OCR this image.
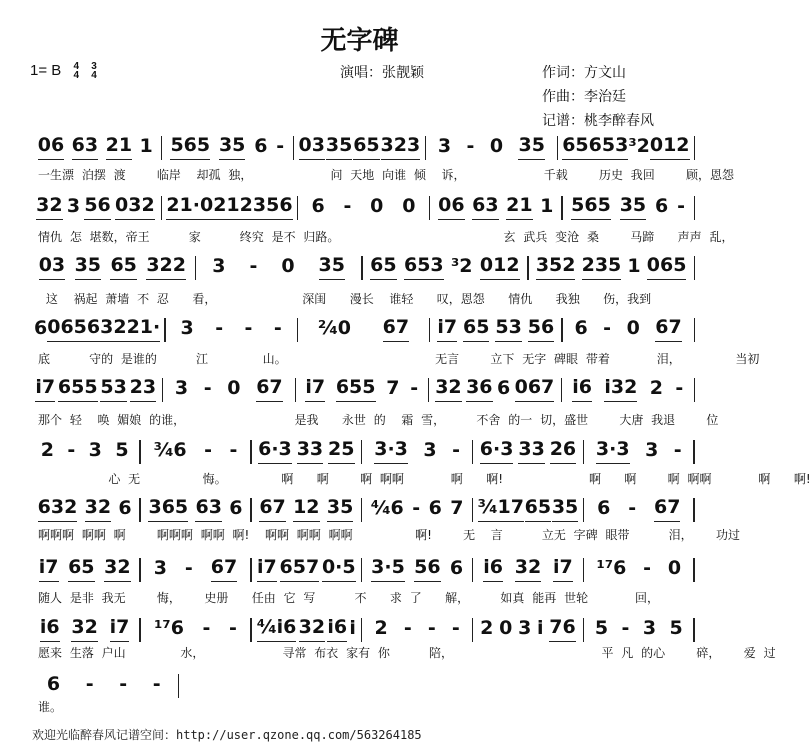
无字碑
1= B 4
4

3
4	演唱：张靓颖	作词：方文山
作曲：李治廷
记谱：桃李醉春风
欢迎光临醉春风记谱空间：http://user.qzone.qq.com/563264185
06 63 21 1 565 35 6 - 03 35 65 323 3 - 0 35 65 653 ³2 012
一生漂 泊摆 渡    临岸  却孤 独，          问 天地 向谁 倾  诉，          千载    历史 我回    顾，恩怨
32 3 56 032 21· 021 23 56 6 - 0 0 06 63 21 1 565 35 6 -
情仇 怎 堪数，帝王     家     终究 是不 归路。                     玄 武兵 变沧 桑    马蹄   声声 乱，
03 35 65 322 3 - 0 35 65 653 ³2 012 352 235 1 065
这  祸起 萧墙 不 忍   看，           深闺   漫长  谁轻   叹，恩怨   情仇   我独   伤，我到
6 065 632 21· 3 - - - ²⁄₄0 67 i7 65 53 56 6 - 0 67
底     守的 是谁的     江       山。                   无言    立下 无字 碑眼 带着      泪，       当初
i7 655 53 23 3 - 0 67 i7 655 7 - 32 36 6 067 i6 i32 2 -
那个 轻  唤 媚娘 的谁，              是我   永世 的  霜 雪，    不舍 的一 切，盛世    大唐 我退    位
2 - 3 5 ³⁄₄6 - - 6·3 33 25 3·3 3 - 6·3 33 26 3·3 3 -
心 无        悔。       啊   啊    啊 啊啊      啊   啊!           啊   啊    啊 啊啊      啊   啊!
632 32 6 365 63 6 67 12 35 ⁴⁄₄6 - 6 7 ³⁄₄17 65 35 6 - 67
啊啊啊 啊啊 啊    啊啊啊 啊啊 啊!  啊啊 啊啊 啊啊        啊!    无  言     立无 字碑 眼带     泪，   功过
i7 65 32 3 - 67 i7 657 0·5 3·5 56 6 i6 32 i7 ¹⁷6 - 0
随人 是非 我无    悔，   史册   任由 它 写     不   求 了   解，    如真 能再 世轮      回，
i6 32 i7 ¹⁷6 - - ⁴⁄₄i6 32 i6 i 2 - - - 2 0 3 i 76 5 - 3 5
愿来 生落 户山       水，          寻常 布衣 家有 你     陪，                   平 凡 的心    碎，   爱 过
6 - - -
谁。
